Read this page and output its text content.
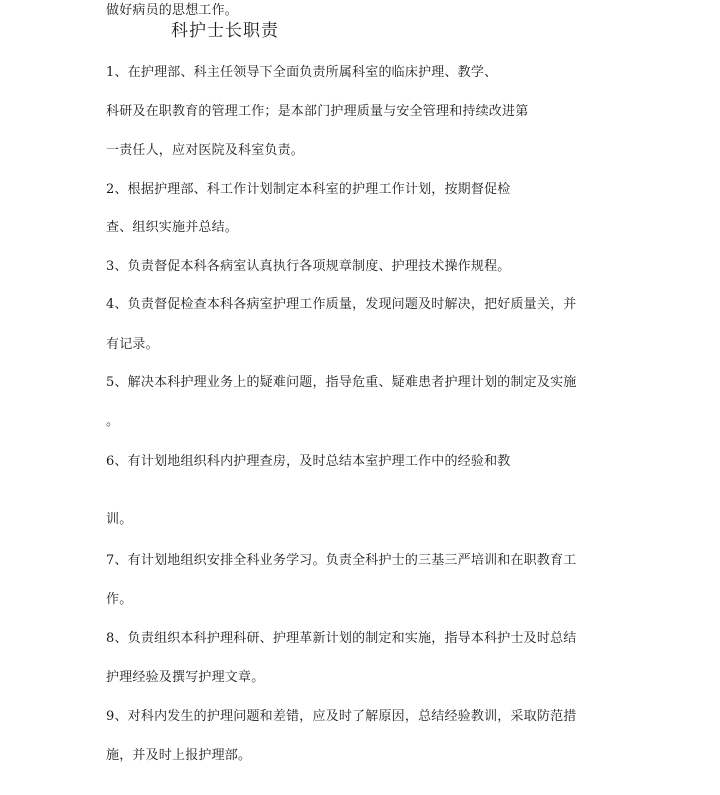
做好病员的思想工作。
科护士长职责
1、在护理部、科主任领导下全面负责所属科室的临床护理、教学、
科研及在职教育的管理工作；是本部门护理质量与安全管理和持续改进第
一责任人，应对医院及科室负责。
2、根据护理部、科工作计划制定本科室的护理工作计划，按期督促检
查、组织实施并总结。
3、负责督促本科各病室认真执行各项规章制度、护理技术操作规程。
4、负责督促检查本科各病室护理工作质量，发现问题及时解决，把好质量关，并
有记录。
5、解决本科护理业务上的疑难问题，指导危重、疑难患者护理计划的制定及实施
。
6、有计划地组织科内护理查房，及时总结本室护理工作中的经验和教
训。
7、有计划地组织安排全科业务学习。负责全科护士的三基三严培训和在职教育工
作。
8、负责组织本科护理科研、护理革新计划的制定和实施，指导本科护士及时总结
护理经验及撰写护理文章。
9、对科内发生的护理问题和差错，应及时了解原因，总结经验教训，采取防范措
施，并及时上报护理部。
